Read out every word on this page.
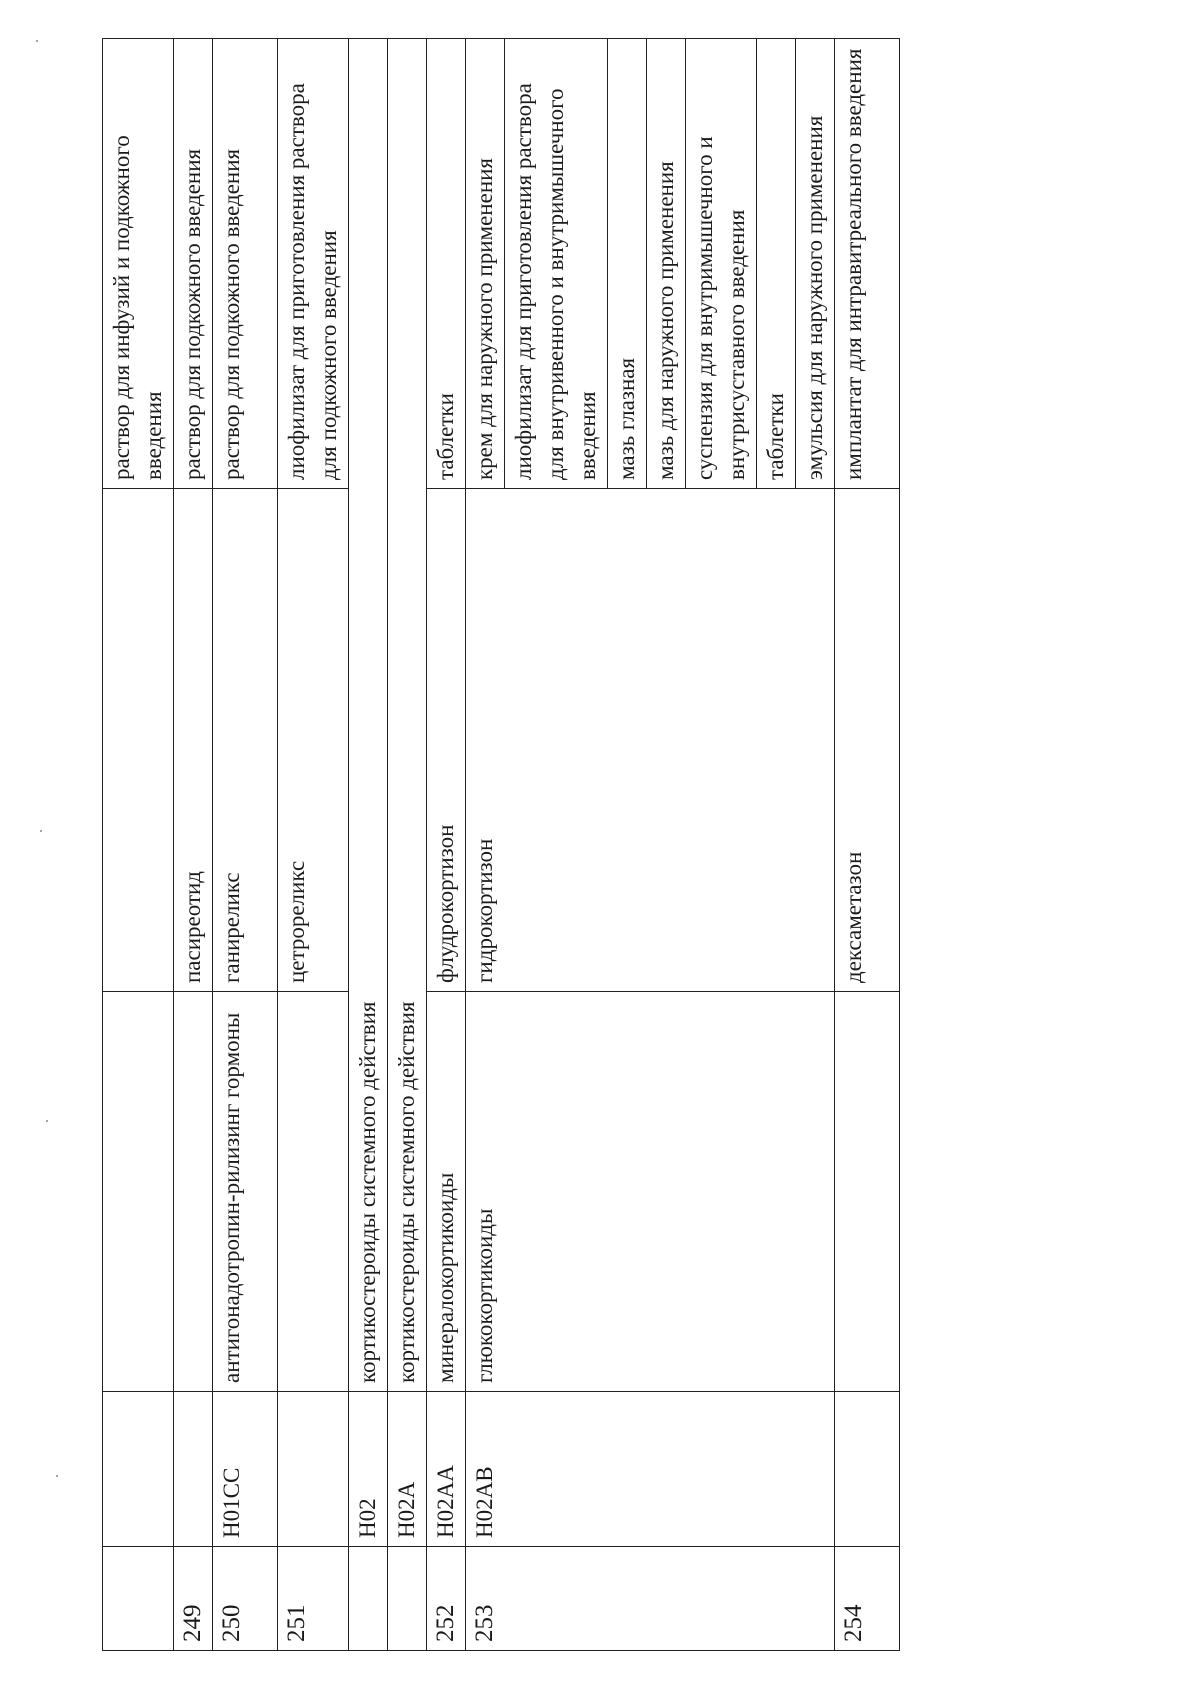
				раствор для инфузий и подкожного введения
249			пасиреотид	раствор для подкожного введения
250	H01CC	антигонадотропин-рилизинг гормоны	ганиреликс	раствор для подкожного введения
251			цетрореликс	лиофилизат для приготовления раствора для подкожного введения
	H02	кортикостероиды системного действия		
	H02A	кортикостероиды системного действия		
252	H02AA	минералокортикоиды	флудрокортизон	таблетки
253	H02AB	глюкокортикоиды	гидрокортизон	крем для наружного применения
				лиофилизат для приготовления раствора для внутривенного и внутримышечного введения
				мазь глазная
				мазь для наружного применения
				суспензия для внутримышечного и внутрисуставного введения
				таблетки
				эмульсия для наружного применения
254			дексаметазон	имплантат для интравитреального введения
